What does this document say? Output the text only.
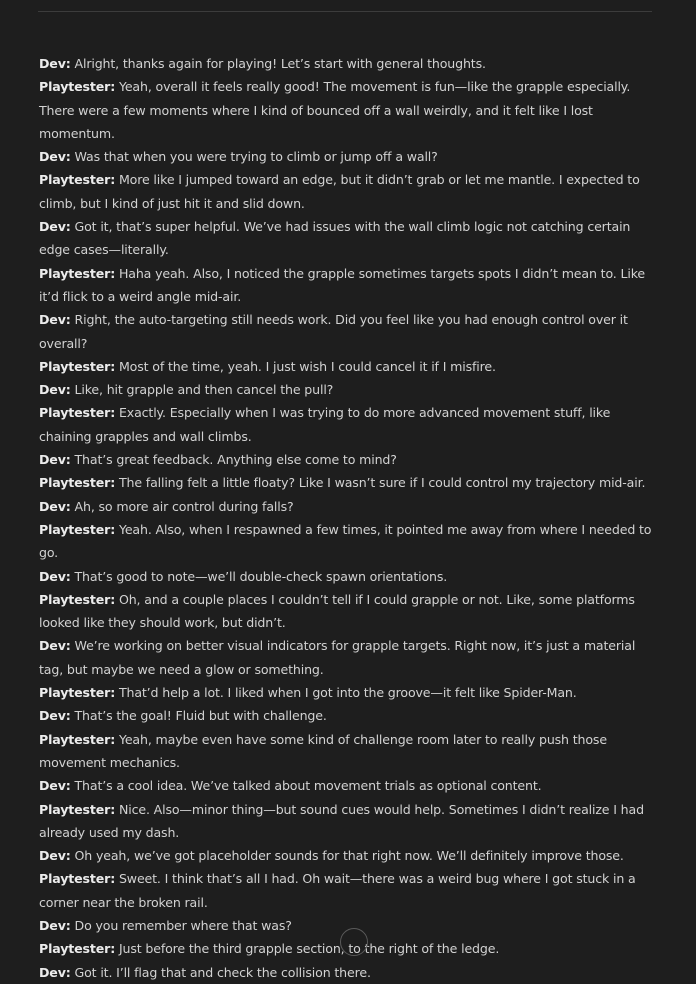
Dev: Alright, thanks again for playing! Let’s start with general thoughts.

Playtester: Yeah, overall it feels really good! The movement is fun—like the grapple especially. There were a few moments where I kind of bounced off a wall weirdly, and it felt like I lost momentum.

Dev: Was that when you were trying to climb or jump off a wall?

Playtester: More like I jumped toward an edge, but it didn’t grab or let me mantle. I expected to climb, but I kind of just hit it and slid down.

Dev: Got it, that’s super helpful. We’ve had issues with the wall climb logic not catching certain edge cases—literally.

Playtester: Haha yeah. Also, I noticed the grapple sometimes targets spots I didn’t mean to. Like it’d flick to a weird angle mid-air.

Dev: Right, the auto-targeting still needs work. Did you feel like you had enough control over it overall?

Playtester: Most of the time, yeah. I just wish I could cancel it if I misfire.

Dev: Like, hit grapple and then cancel the pull?

Playtester: Exactly. Especially when I was trying to do more advanced movement stuff, like chaining grapples and wall climbs.

Dev: That’s great feedback. Anything else come to mind?

Playtester: The falling felt a little floaty? Like I wasn’t sure if I could control my trajectory mid-air.

Dev: Ah, so more air control during falls?

Playtester: Yeah. Also, when I respawned a few times, it pointed me away from where I needed to go.

Dev: That’s good to note—we’ll double-check spawn orientations.

Playtester: Oh, and a couple places I couldn’t tell if I could grapple or not. Like, some platforms looked like they should work, but didn’t.

Dev: We’re working on better visual indicators for grapple targets. Right now, it’s just a material tag, but maybe we need a glow or something.

Playtester: That’d help a lot. I liked when I got into the groove—it felt like Spider-Man.

Dev: That’s the goal! Fluid but with challenge.

Playtester: Yeah, maybe even have some kind of challenge room later to really push those movement mechanics.

Dev: That’s a cool idea. We’ve talked about movement trials as optional content.

Playtester: Nice. Also—minor thing—but sound cues would help. Sometimes I didn’t realize I had already used my dash.

Dev: Oh yeah, we’ve got placeholder sounds for that right now. We’ll definitely improve those.

Playtester: Sweet. I think that’s all I had. Oh wait—there was a weird bug where I got stuck in a corner near the broken rail.

Dev: Do you remember where that was?

Playtester: Just before the third grapple section, to the right of the ledge.

Dev: Got it. I’ll flag that and check the collision there.
